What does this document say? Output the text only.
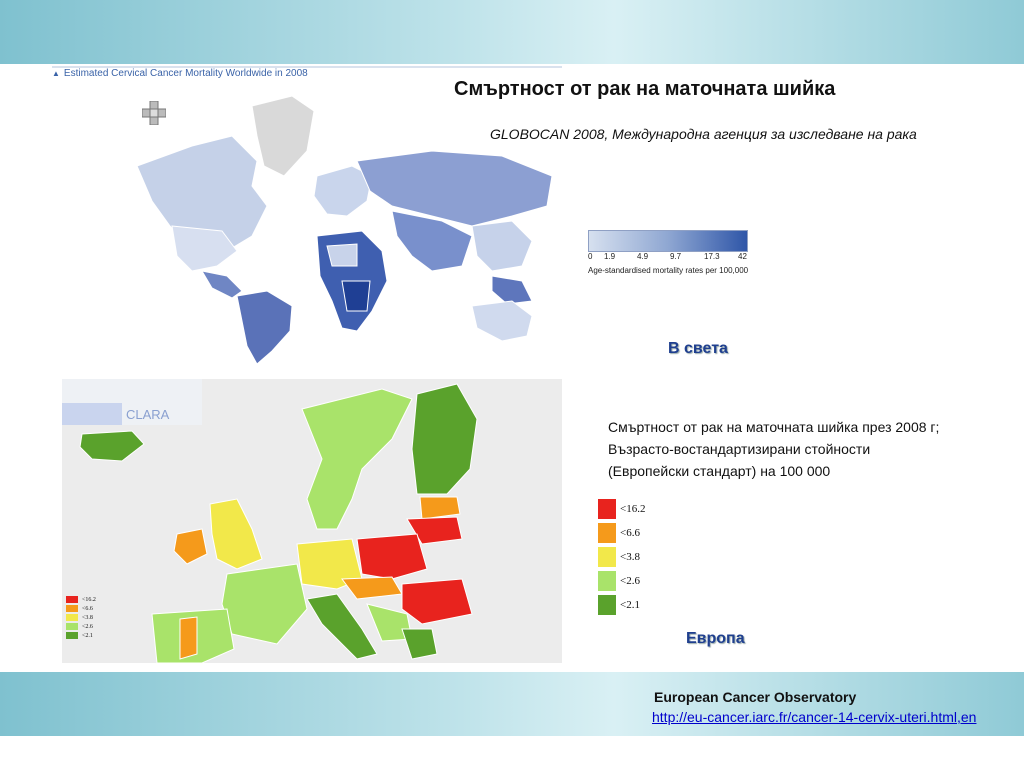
▲ Estimated Cervical Cancer Mortality Worldwide in 2008
Смъртност от рак на маточната шийка
GLOBOCAN 2008, Международна агенция за изследване на рака
0 1.9	4.9	9.7	17.3 42
Age-standardised mortality rates per 100,000
В света
CLARA
<16.2
<6.6
<3.8
<2.6
<2.1
Смъртност от рак на маточната шийка през 2008 г;
Възрасто-востандартизирани стойности
(Европейски стандарт) на 100 000
<16.2
<6.6
<3.8
<2.6
<2.1
Европа
European Cancer Observatory
http://eu-cancer.iarc.fr/cancer-14-cervix-uteri.html,en
